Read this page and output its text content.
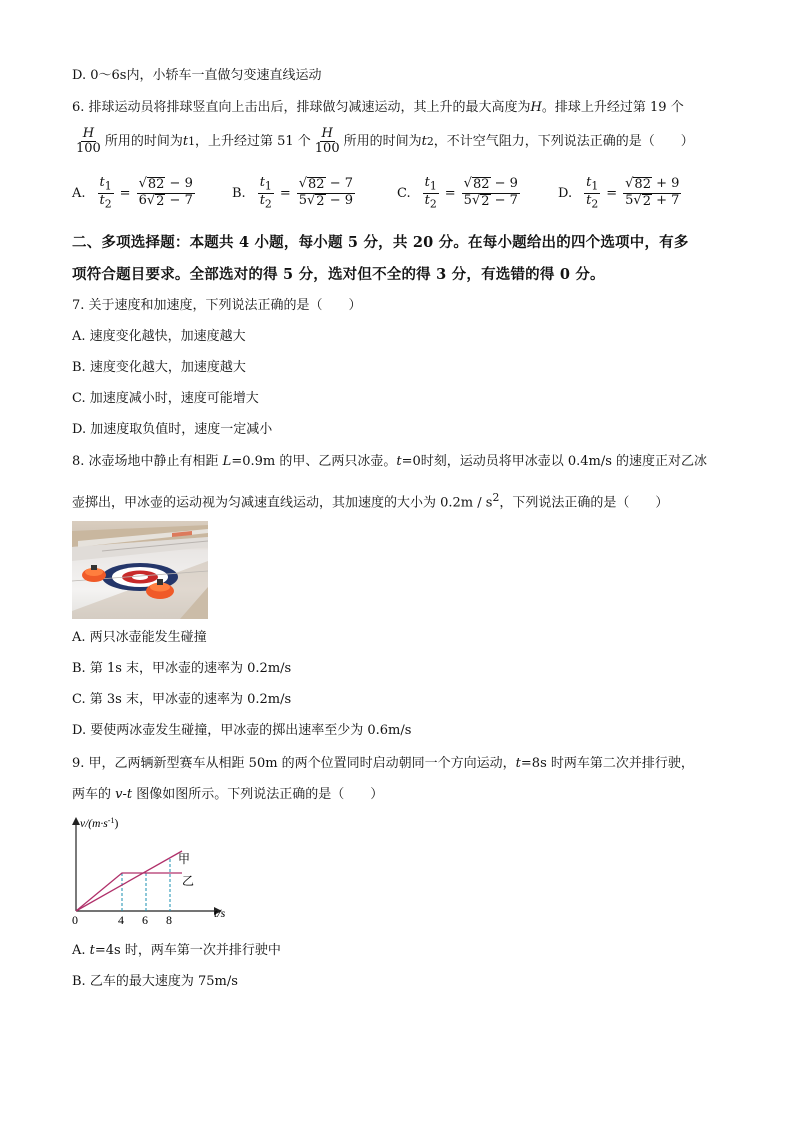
D. 0～6s内，小轿车一直做匀变速直线运动
6. 排球运动员将排球竖直向上击出后，排球做匀减速运动，其上升的最大高度为H。排球上升经过第 19 个
$\frac{H}{100}$ 所用的时间为 t 1 ，上升经过第 51 个 $\frac{H}{100}$ 所用的时间为 t 2 ，不计空气阻力，下列说法正确的是（　　）
A. $\frac{t_1}{t_2} = \frac{√ 82 - 9}{6√ 2 - 7}$	B. $\frac{t_1}{t_2} = \frac{√ 82 - 7}{5√ 2 - 9}$	C. $\frac{t_1}{t_2} = \frac{√ 82 - 9}{5√ 2 - 7}$	D. $\frac{t_1}{t_2} = \frac{√ 82 + 9}{5√ 2 + 7}$
二、多项选择题：本题共 4 小题，每小题 5 分，共 20 分。在每小题给出的四个选项中，有多
项符合题目要求。全部选对的得 5 分，选对但不全的得 3 分，有选错的得 0 分。
7. 关于速度和加速度，下列说法正确的是（　　）
A. 速度变化越快，加速度越大
B. 速度变化越大，加速度越大
C. 加速度减小时，速度可能增大
D. 加速度取负值时，速度一定减小
8. 冰壶场地中静止有相距 L=0.9m 的甲、乙两只冰壶。t=0时刻，运动员将甲冰壶以 0.4m/s 的速度正对乙冰
壶掷出，甲冰壶的运动视为匀减速直线运动，其加速度的大小为 $0.2m / s^2$，下列说法正确的是（　　）
A. 两只冰壶能发生碰撞
B. 第 1s 末，甲冰壶的速率为 0.2m/s
C. 第 3s 末，甲冰壶的速率为 0.2m/s
D. 要使两冰壶发生碰撞，甲冰壶的掷出速率至少为 0.6m/s
9. 甲，乙两辆新型赛车从相距 50m 的两个位置同时启动朝同一个方向运动，t=8s 时两车第二次并排行驶，
两车的 v-t 图像如图所示。下列说法正确的是（　　）
$v/(m\cdot s^{-1})$
甲
乙
0	4 6 8	t/s
A. t=4s 时，两车第一次并排行驶中
B. 乙车的最大速度为 75m/s
